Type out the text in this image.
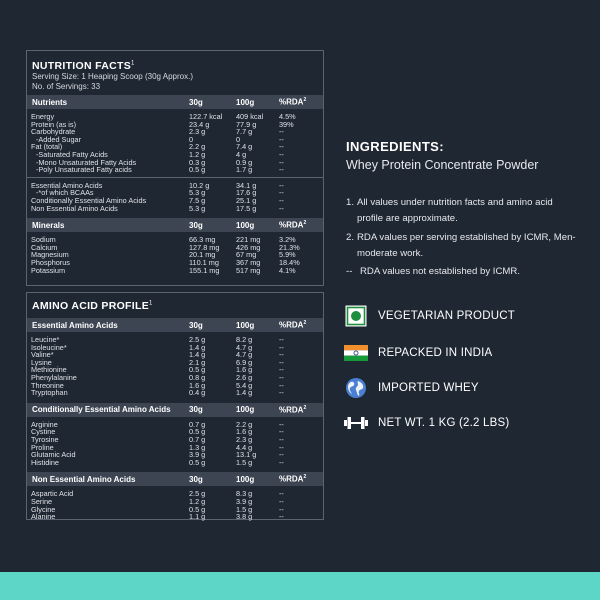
NUTRITION FACTS$^1$
Serving Size: 1 Heaping Scoop (30g Approx.)
No. of Servings: 33
Nutrients	30g	100g	%RDA$^2$
Energy	122.7 kcal	409 kcal	4.5%
Protein (as is)	23.4 g	77.9 g	39%
Carbohydrate	2.3 g	7.7 g	--
-Added Sugar	0	0	--
Fat (total)	2.2 g	7.4 g	--
-Saturated Fatty Acids	1.2 g	4 g	--
-Mono Unsaturated Fatty Acids	0.3 g	0.9 g	--
-Poly Unsaturated Fatty acids	0.5 g	1.7 g	--
Essential Amino Acids	10.2 g	34.1 g	--
-*of which BCAAs	5.3 g	17.6 g	--
Conditionally Essential Amino Acids	7.5 g	25.1 g	--
Non Essential Amino Acids	5.3 g	17.5 g	--
Minerals	30g	100g	%RDA$^2$
Sodium	66.3 mg	221 mg	3.2%
Calcium	127.8 mg	426 mg	21.3%
Magnesium	20.1 mg	67 mg	5.9%
Phosphorus	110.1 mg	367 mg	18.4%
Potassium	155.1 mg	517 mg	4.1%
AMINO ACID PROFILE$^1$
Essential Amino Acids	30g	100g	%RDA$^2$
Leucine*	2.5 g	8.2 g	--
Isoleucine*	1.4 g	4.7 g	--
Valine*	1.4 g	4.7 g	--
Lysine	2.1 g	6.9 g	--
Methionine	0.5 g	1.6 g	--
Phenylalanine	0.8 g	2.6 g	--
Threonine	1.6 g	5.4 g	--
Tryptophan	0.4 g	1.4 g	--
Conditionally Essential Amino Acids	30g	100g	%RDA$^2$
Arginine	0.7 g	2.2 g	--
Cystine	0.5 g	1.6 g	--
Tyrosine	0.7 g	2.3 g	--
Proline	1.3 g	4.4 g	--
Glutamic Acid	3.9 g	13.1 g	--
Histidine	0.5 g	1.5 g	--
Non Essential Amino Acids	30g	100g	%RDA$^2$
Aspartic Acid	2.5 g	8.3 g	--
Serine	1.2 g	3.9 g	--
Glycine	0.5 g	1.5 g	--
Alanine	1.1 g	3.8 g	--
INGREDIENTS:
Whey Protein Concentrate Powder
1. All values under nutrition facts and amino acid profile are approximate.
2. RDA values per serving established by ICMR, Men-moderate work.
-- RDA values not established by ICMR.
VEGETARIAN PRODUCT
REPACKED IN INDIA
IMPORTED WHEY
NET WT. 1 KG (2.2 LBS)
